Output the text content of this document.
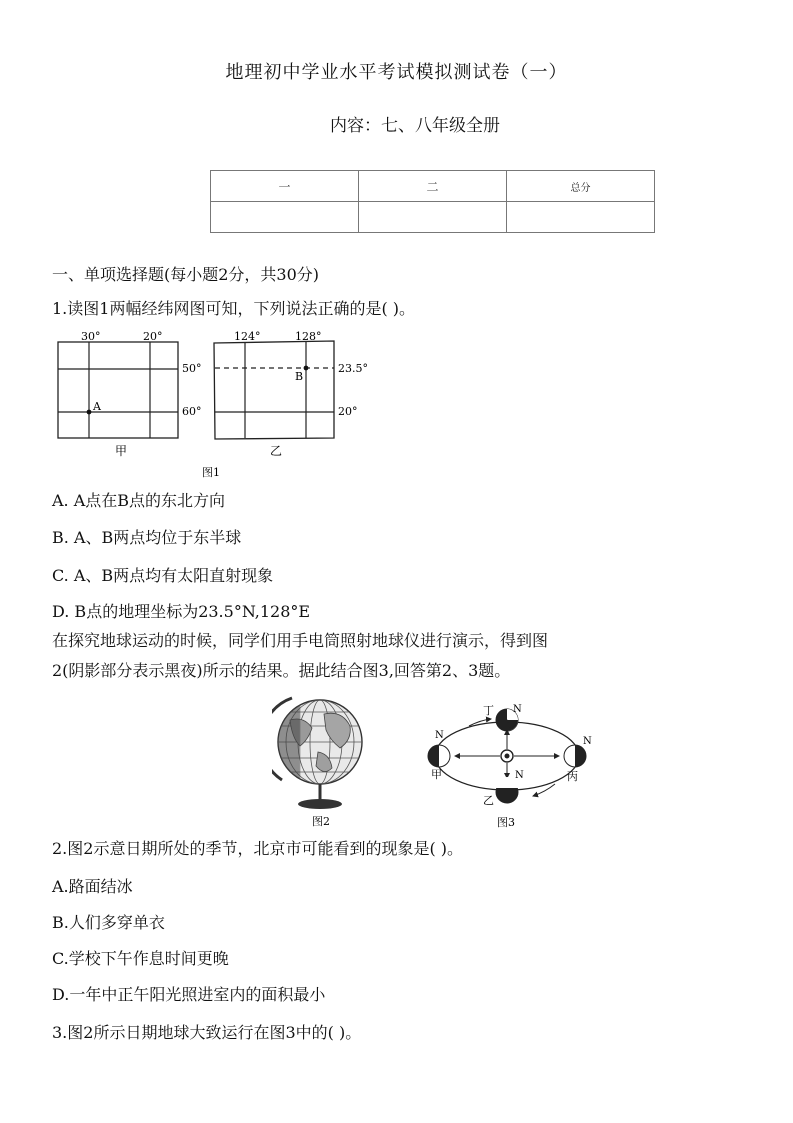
地理初中学业水平考试模拟测试卷（一）
内容：七、八年级全册
一	二	总分

一、单项选择题(每小题2分，共30分)
1.读图1两幅经纬网图可知，下列说法正确的是( )。
A
30°	20°
50°
60°
甲
B
124°	128°
23.5°
20°
乙
图1
A. A点在B点的东北方向
B. A、B两点均位于东半球
C. A、B两点均有太阳直射现象
D. B点的地理坐标为23.5°N,128°E
在探究地球运动的时候，同学们用手电筒照射地球仪进行演示，得到图
2(阴影部分表示黑夜)所示的结果。据此结合图3,回答第2、3题。
图2
N
N
N
N
甲
乙
丙
丁
图3
2.图2示意日期所处的季节，北京市可能看到的现象是( )。
A.路面结冰
B.人们多穿单衣
C.学校下午作息时间更晚
D.一年中正午阳光照进室内的面积最小
3.图2所示日期地球大致运行在图3中的( )。
